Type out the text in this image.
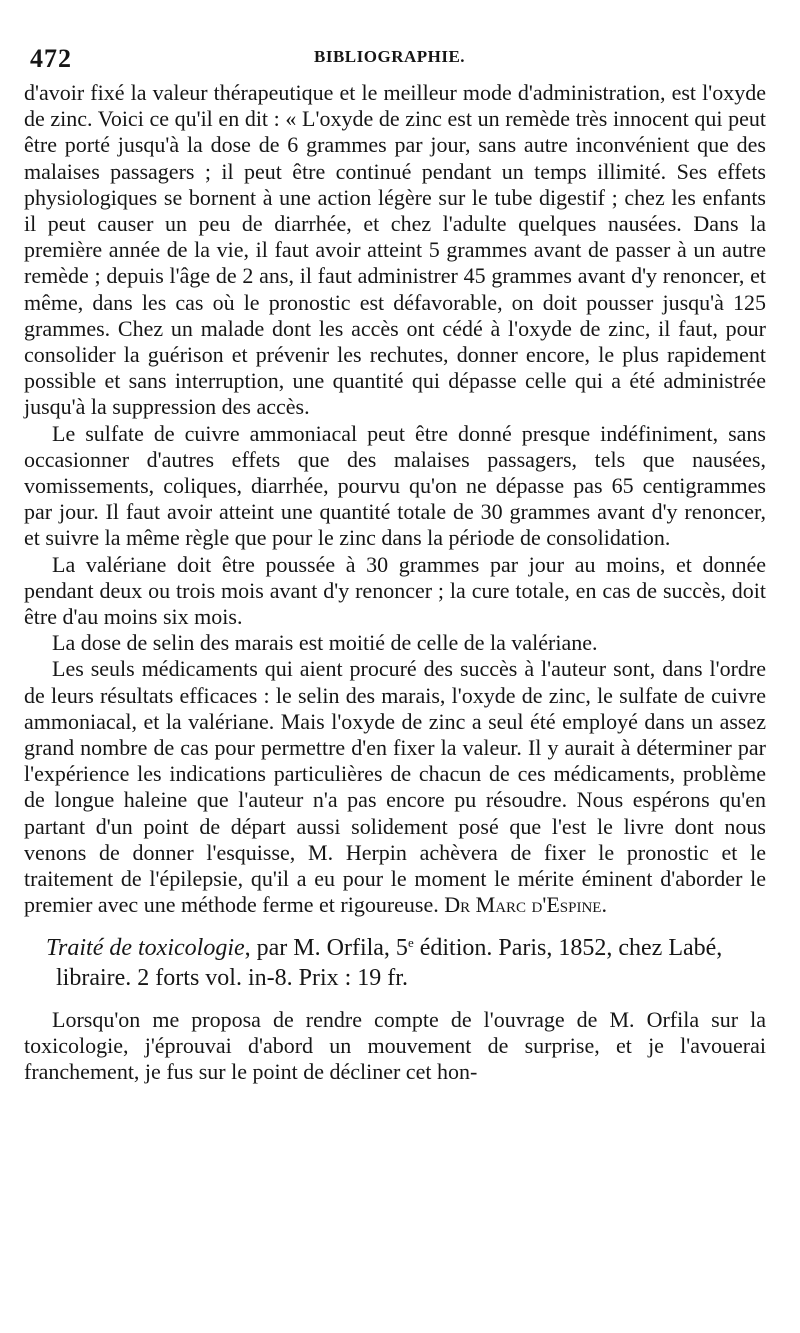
472	BIBLIOGRAPHIE.

d'avoir fixé la valeur thérapeutique et le meilleur mode d'administration, est l'oxyde de zinc. Voici ce qu'il en dit : « L'oxyde de zinc est un remède très innocent qui peut être porté jusqu'à la dose de 6 grammes par jour, sans autre inconvénient que des malaises passagers ; il peut être continué pendant un temps illimité. Ses effets physiologiques se bornent à une action légère sur le tube digestif ; chez les enfants il peut causer un peu de diarrhée, et chez l'adulte quelques nausées. Dans la première année de la vie, il faut avoir atteint 5 grammes avant de passer à un autre remède ; depuis l'âge de 2 ans, il faut administrer 45 grammes avant d'y renoncer, et même, dans les cas où le pronostic est défavorable, on doit pousser jusqu'à 125 grammes. Chez un malade dont les accès ont cédé à l'oxyde de zinc, il faut, pour consolider la guérison et prévenir les rechutes, donner encore, le plus rapidement possible et sans interruption, une quantité qui dépasse celle qui a été administrée jusqu'à la suppression des accès.

Le sulfate de cuivre ammoniacal peut être donné presque indéfiniment, sans occasionner d'autres effets que des malaises passagers, tels que nausées, vomissements, coliques, diarrhée, pourvu qu'on ne dépasse pas 65 centigrammes par jour. Il faut avoir atteint une quantité totale de 30 grammes avant d'y renoncer, et suivre la même règle que pour le zinc dans la période de consolidation.

La valériane doit être poussée à 30 grammes par jour au moins, et donnée pendant deux ou trois mois avant d'y renoncer ; la cure totale, en cas de succès, doit être d'au moins six mois.

La dose de selin des marais est moitié de celle de la valériane.

Les seuls médicaments qui aient procuré des succès à l'auteur sont, dans l'ordre de leurs résultats efficaces : le selin des marais, l'oxyde de zinc, le sulfate de cuivre ammoniacal, et la valériane. Mais l'oxyde de zinc a seul été employé dans un assez grand nombre de cas pour permettre d'en fixer la valeur. Il y aurait à déterminer par l'expérience les indications particulières de chacun de ces médicaments, problème de longue haleine que l'auteur n'a pas encore pu résoudre. Nous espérons qu'en partant d'un point de départ aussi solidement posé que l'est le livre dont nous venons de donner l'esquisse, M. Herpin achèvera de fixer le pronostic et le traitement de l'épilepsie, qu'il a eu pour le moment le mérite éminent d'aborder le premier avec une méthode ferme et rigoureuse. Dr Marc d'Espine.

Traité de toxicologie, par M. Orfila, 5e édition. Paris, 1852, chez Labé, libraire. 2 forts vol. in-8. Prix : 19 fr.

Lorsqu'on me proposa de rendre compte de l'ouvrage de M. Orfila sur la toxicologie, j'éprouvai d'abord un mouvement de surprise, et je l'avouerai franchement, je fus sur le point de décliner cet hon-
